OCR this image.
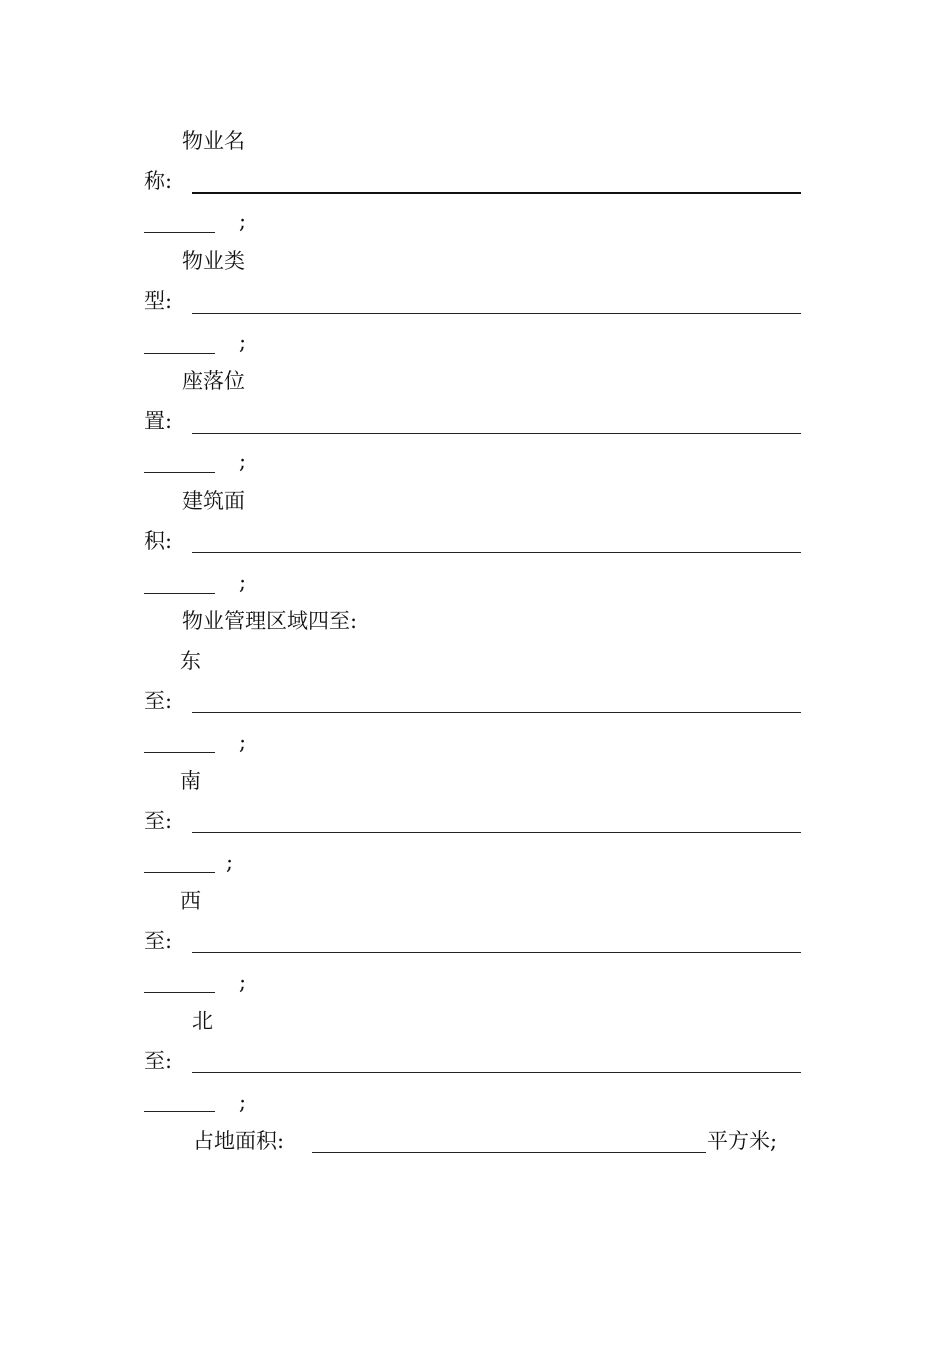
物业名
称:
;
物业类
型:
;
座落位
置:
;
建筑面
积:
;
物业管理区域四至:
东
至:
;
南
至:
;
西
至:
;
北
至:
;
占地面积:	平方米;
